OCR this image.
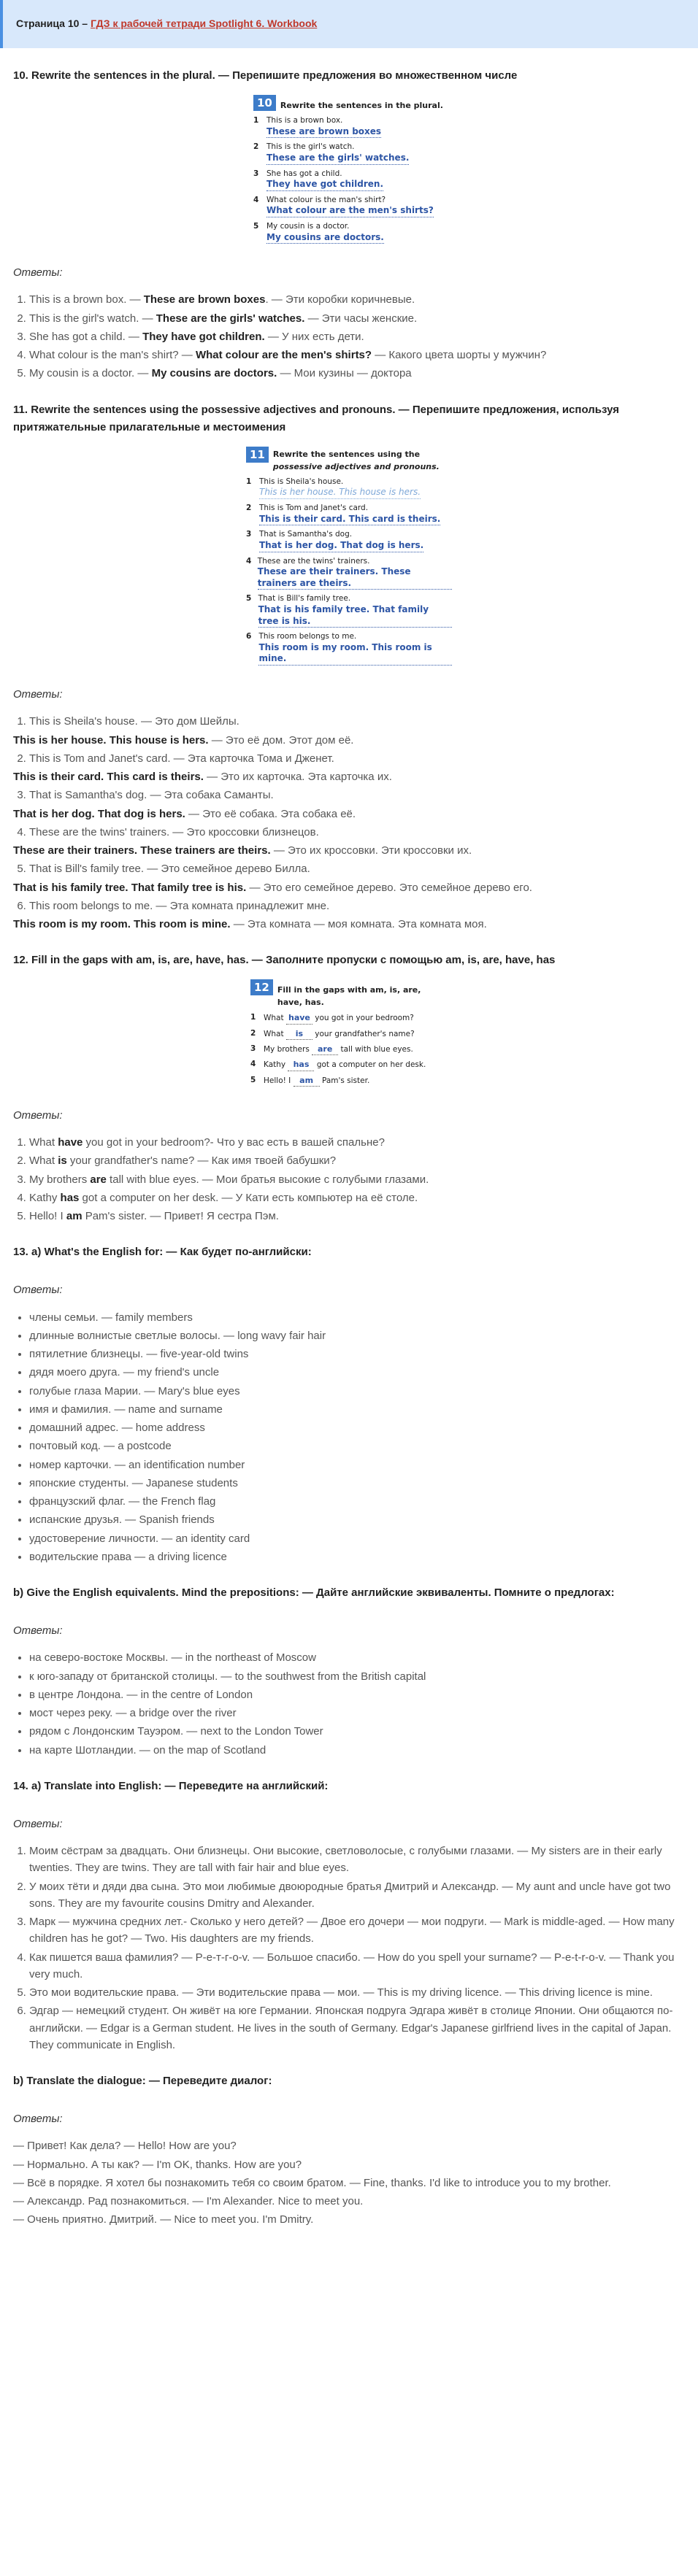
Страница 10 – ГДЗ к рабочей тетради Spotlight 6. Workbook
10. Rewrite the sentences in the plural. — Перепишите предложения во множественном числе
10	Rewrite the sentences in the plural.
1 This is a brown box.
These are brown boxes
2 This is the girl's watch.
These are the girls' watches.
3 She has got a child.
They have got children.
4 What colour is the man's shirt?
What colour are the men's shirts?
5 My cousin is a doctor.
My cousins are doctors.
Ответы:
1. This is a brown box. — These are brown boxes. — Эти коробки коричневые.
2. This is the girl's watch. — These are the girls' watches. — Эти часы женские.
3. She has got a child. — They have got children. — У них есть дети.
4. What colour is the man's shirt? — What colour are the men's shirts? — Какого цвета шорты у мужчин?
5. My cousin is a doctor. — My cousins are doctors. — Мои кузины — доктора
11. Rewrite the sentences using the possessive adjectives and pronouns. — Перепишите предложения, используя притяжательные прилагательные и местоимения
11	Rewrite the sentences using the
possessive adjectives and pronouns.
1 This is Sheila's house.
This is her house. This house is hers.
2 This is Tom and Janet's card.
This is their card. This card is theirs.
3 That is Samantha's dog.
That is her dog. That dog is hers.
4 These are the twins' trainers.
These are their trainers. These trainers are theirs.
5 That is Bill's family tree.
That is his family tree. That family tree is his.
6 This room belongs to me.
This room is my room. This room is mine.
Ответы:
1. This is Sheila's house. — Это дом Шейлы.
This is her house. This house is hers. — Это её дом. Этот дом её.
2. This is Tom and Janet's card. — Эта карточка Тома и Дженет.
This is their card. This card is theirs. — Это их карточка. Эта карточка их.
3. That is Samantha's dog. — Эта собака Саманты.
That is her dog. That dog is hers. — Это её собака. Эта собака её.
4. These are the twins' trainers. — Это кроссовки близнецов.
These are their trainers. These trainers are theirs. — Это их кроссовки. Эти кроссовки их.
5. That is Bill's family tree. — Это семейное дерево Билла.
That is his family tree. That family tree is his. — Это его семейное дерево. Это семейное дерево его.
6. This room belongs to me. — Эта комната принадлежит мне.
This room is my room. This room is mine. — Эта комната — моя комната. Эта комната моя.
12. Fill in the gaps with am, is, are, have, has. — Заполните пропуски с помощью am, is, are, have, has
12	Fill in the gaps with am, is, are, have, has.
1 What have you got in your bedroom?
2 What is your grandfather's name?
3 My brothers are tall with blue eyes.
4 Kathy has got a computer on her desk.
5 Hello! I am Pam's sister.
Ответы:
1. What have you got in your bedroom?- Что у вас есть в вашей спальне?
2. What is your grandfather's name? — Как имя твоей бабушки?
3. My brothers are tall with blue eyes. — Мои братья высокие с голубыми глазами.
4. Kathy has got a computer on her desk. — У Кати есть компьютер на её столе.
5. Hello! I am Pam's sister. — Привет! Я сестра Пэм.
13. a) What's the English for: — Как будет по-английски:
Ответы:
• члены семьи. — family members
• длинные волнистые светлые волосы. — long wavy fair hair
• пятилетние близнецы. — five-year-old twins
• дядя моего друга. — my friend's uncle
• голубые глаза Марии. — Mary's blue eyes
• имя и фамилия. — name and surname
• домашний адрес. — home address
• почтовый код. — a postcode
• номер карточки. — an identification number
• японские студенты. — Japanese students
• французский флаг. — the French flag
• испанские друзья. — Spanish friends
• удостоверение личности. — an identity card
• водительские права — a driving licence
b) Give the English equivalents. Mind the prepositions: — Дайте английские эквиваленты. Помните о предлогах:
Ответы:
• на северо-востоке Москвы. — in the northeast of Moscow
• к юго-западу от британской столицы. — to the southwest from the British capital
• в центре Лондона. — in the centre of London
• мост через реку. — a bridge over the river
• рядом с Лондонским Тауэром. — next to the London Tower
• на карте Шотландии. — on the map of Scotland
14. a) Translate into English: — Переведите на английский:
Ответы:
1. Моим сёстрам за двадцать. Они близнецы. Они высокие, светловолосые, с голубыми глазами. — My sisters are in their early twenties. They are twins. They are tall with fair hair and blue eyes.
2. У моих тёти и дяди два сына. Это мои любимые двоюродные братья Дмитрий и Александр. — My aunt and uncle have got two sons. They are my favourite cousins Dmitry and Alexander.
3. Марк — мужчина средних лет.- Сколько у него детей? — Двое его дочери — мои подруги. — Mark is middle-aged. — How many children has he got? — Two. His daughters are my friends.
4. Как пишется ваша фамилия? — Р-е-т-г-о-v. — Большое спасибо. — How do you spell your surname? — P-e-t-r-o-v. — Thank you very much.
5. Это мои водительские права. — Эти водительские права — мои. — This is my driving licence. — This driving licence is mine.
6. Эдгар — немецкий студент. Он живёт на юге Германии. Японская подруга Эдгара живёт в столице Японии. Они общаются по-английски. — Edgar is a German student. He lives in the south of Germany. Edgar's Japanese girlfriend lives in the capital of Japan. They communicate in English.
b) Translate the dialogue: — Переведите диалог:
Ответы:

— Привет! Как дела? — Hello! How are you?

— Нормально. А ты как? — I'm OK, thanks. How are you?

— Всё в порядке. Я хотел бы познакомить тебя со своим братом. — Fine, thanks. I'd like to introduce you to my brother.

— Александр. Рад познакомиться. — I'm Alexander. Nice to meet you.

— Очень приятно. Дмитрий. — Nice to meet you. I'm Dmitry.
